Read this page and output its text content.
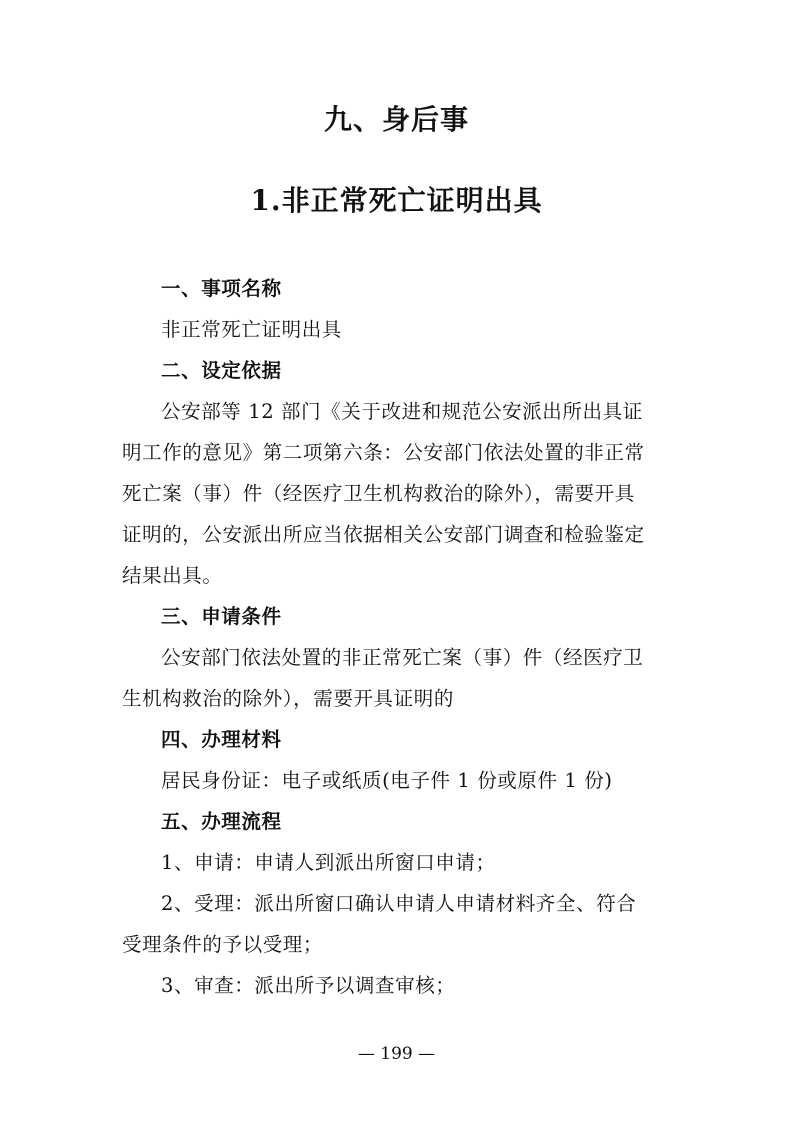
九、身后事
1.非正常死亡证明出具
一、事项名称
非正常死亡证明出具
二、设定依据
公安部等 12 部门《关于改进和规范公安派出所出具证
明工作的意见》第二项第六条：公安部门依法处置的非正常
死亡案（事）件（经医疗卫生机构救治的除外），需要开具
证明的，公安派出所应当依据相关公安部门调查和检验鉴定
结果出具。
三、申请条件
公安部门依法处置的非正常死亡案（事）件（经医疗卫
生机构救治的除外），需要开具证明的
四、办理材料
居民身份证：电子或纸质(电子件 1 份或原件 1 份)
五、办理流程
1、申请：申请人到派出所窗口申请；
2、受理：派出所窗口确认申请人申请材料齐全、符合
受理条件的予以受理；
3、审查：派出所予以调查审核；
— 199 —
